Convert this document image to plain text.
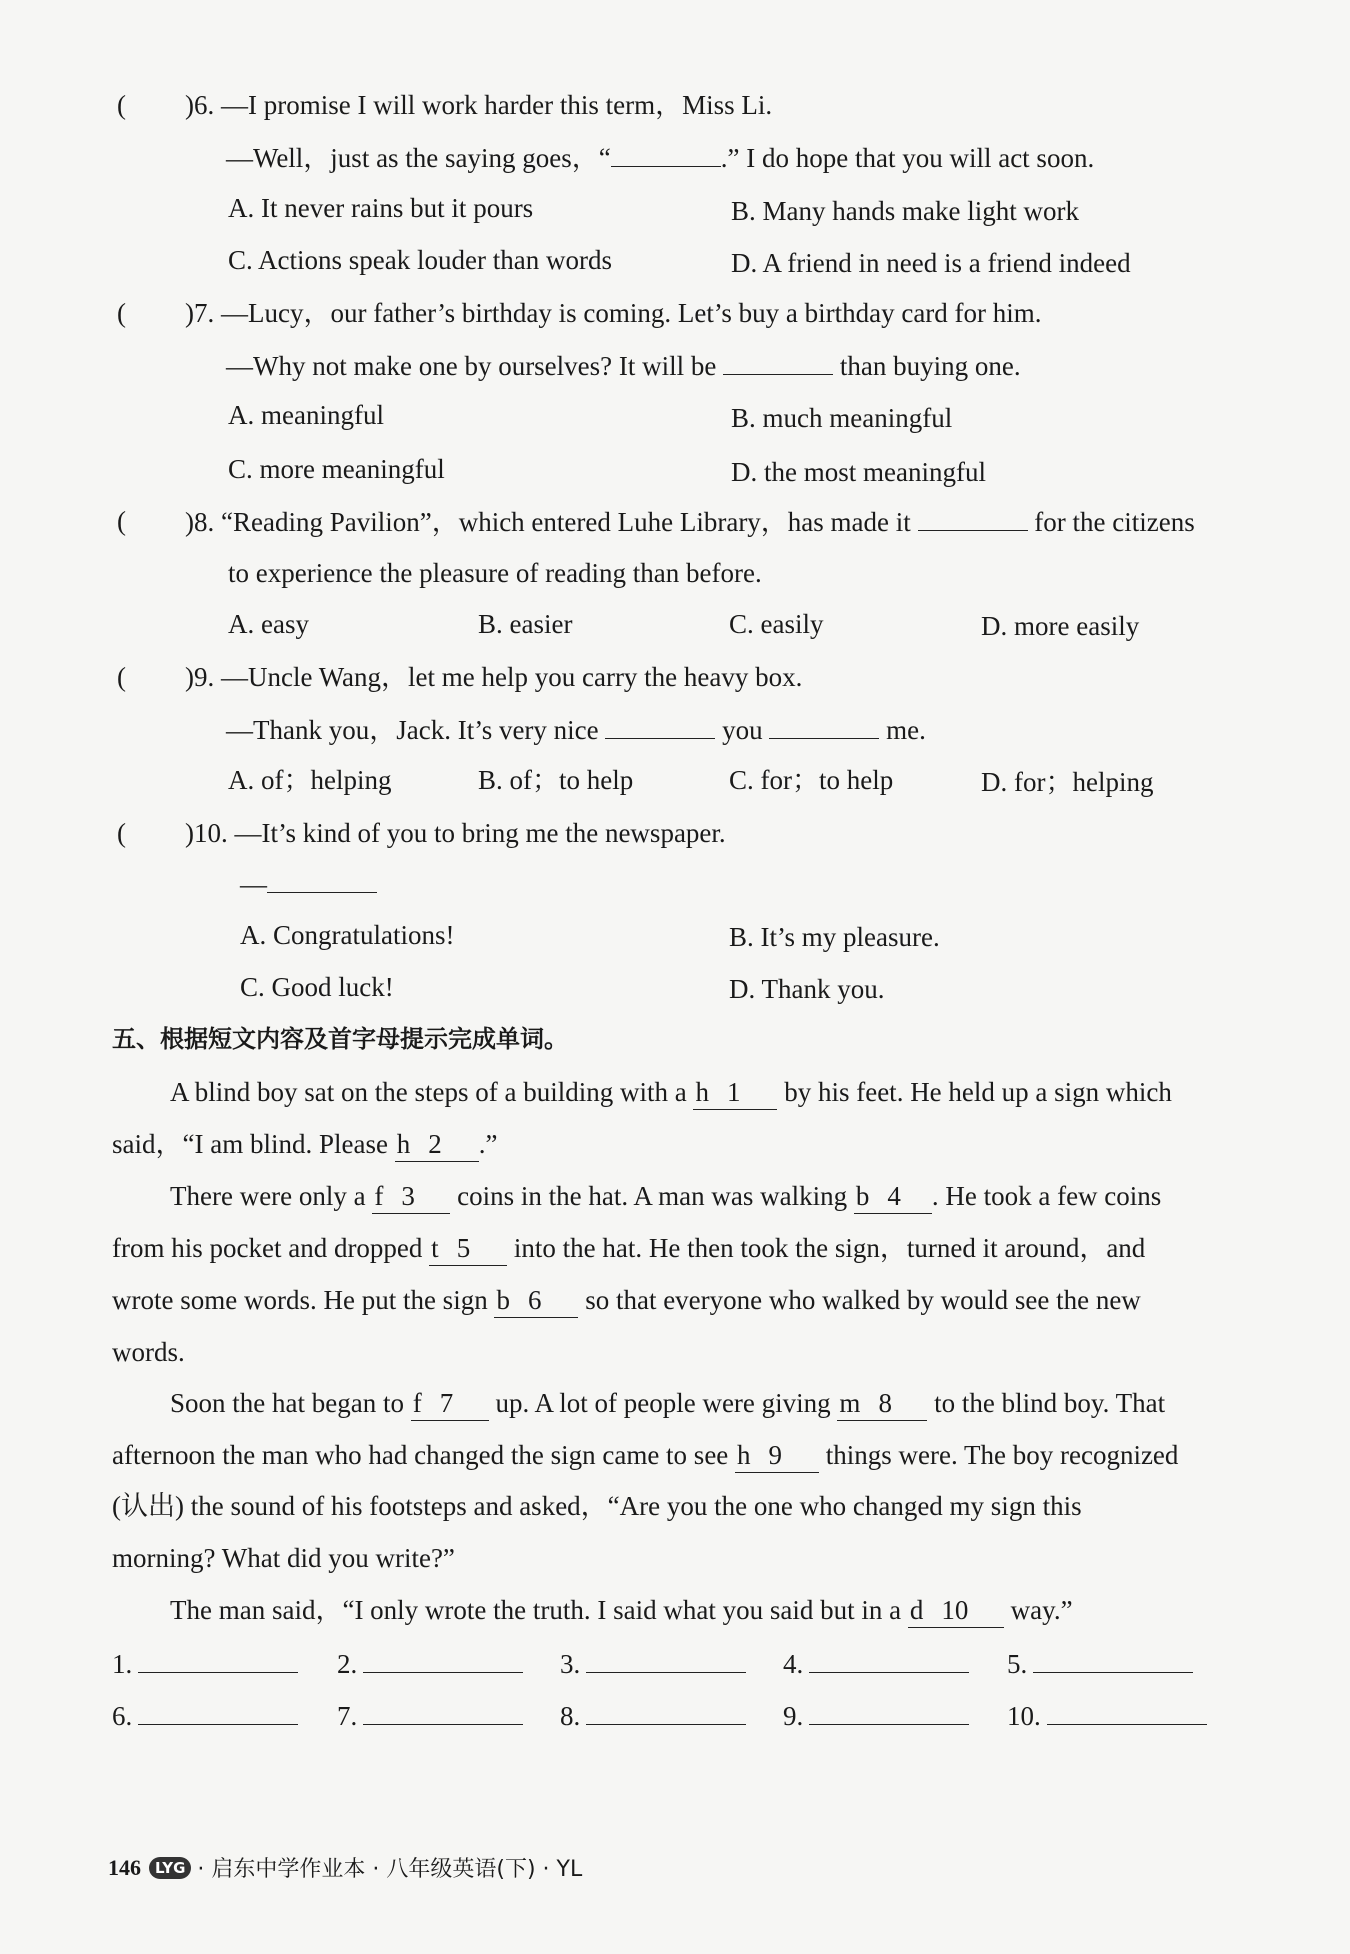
( )6. —I promise I will work harder this term，Miss Li.
—Well，just as the saying goes，“	.” I do hope that you will act soon.
A. It never rains but it pours	B. Many hands make light work
C. Actions speak louder than words	D. A friend in need is a friend indeed
( )7. —Lucy，our father’s birthday is coming. Let’s buy a birthday card for him.
—Why not make one by ourselves? It will be	than buying one.
A. meaningful	B. much meaningful
C. more meaningful	D. the most meaningful
( )8. “Reading Pavilion”，which entered Luhe Library，has made it	for the citizens
to experience the pleasure of reading than before.
A. easy	B. easier	C. easily	D. more easily
( )9. —Uncle Wang，let me help you carry the heavy box.
—Thank you，Jack. It’s very nice	you	me.
A. of；helping	B. of；to help	C. for；to help	D. for；helping
( )10. —It’s kind of you to bring me the newspaper.
—
A. Congratulations!	B. It’s my pleasure.
C. Good luck!	D. Thank you.
五、根据短文内容及首字母提示完成单词。
A blind boy sat on the steps of a building with a h 1 by his feet. He held up a sign which
said，“I am blind. Please h 2 .”
There were only a f 3 coins in the hat. A man was walking b 4 . He took a few coins
from his pocket and dropped t 5 into the hat. He then took the sign，turned it around，and
wrote some words. He put the sign b 6 so that everyone who walked by would see the new
words.
Soon the hat began to f 7 up. A lot of people were giving m 8 to the blind boy. That
afternoon the man who had changed the sign came to see h 9 things were. The boy recognized
(认出) the sound of his footsteps and asked，“Are you the one who changed my sign this
morning? What did you write?”
The man said，“I only wrote the truth. I said what you said but in a d 10 way.”
1.	2.	3.	4.	5.
6.	7.	8.	9.	10.
146 LYG · 启东中学作业本 · 八年级英语(下) · YL
